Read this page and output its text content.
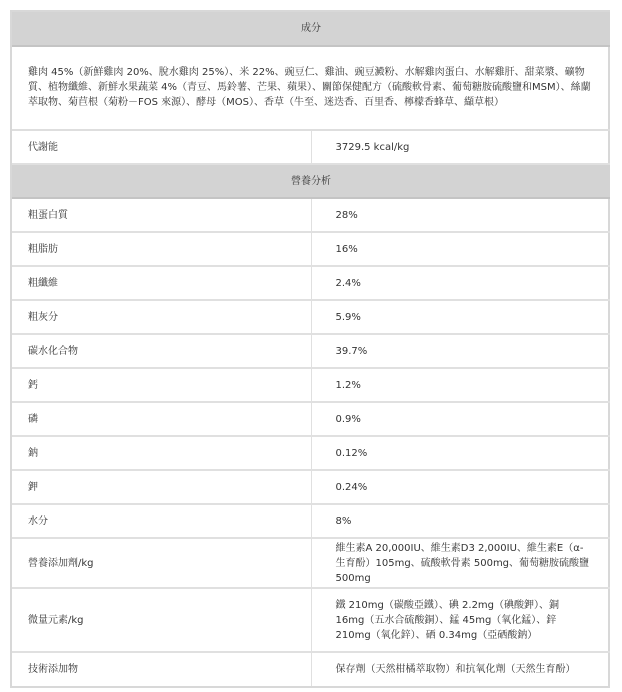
成分	
雞肉 45%（新鮮雞肉 20%、脫水雞肉 25%）、米 22%、豌豆仁、雞油、豌豆澱粉、水解雞肉蛋白、水解雞肝、甜菜漿、礦物質、植物纖維、新鮮水果蔬菜 4%（青豆、馬鈴薯、芒果、蘋果）、關節保健配方（硫酸軟骨素、葡萄糖胺硫酸鹽和MSM）、絲蘭萃取物、菊苣根（菊粉－FOS 來源）、酵母（MOS）、香草（牛至、迷迭香、百里香、檸檬香蜂草、纈草根）	
代謝能	3729.5 kcal/kg
營養分析	
粗蛋白質	28%
粗脂肪	16%
粗纖維	2.4%
粗灰分	5.9%
碳水化合物	39.7%
鈣	1.2%
磷	0.9%
鈉	0.12%
鉀	0.24%
水分	8%
營養添加劑/kg	維生素A 20,000IU、維生素D3 2,000IU、維生素E（α-生育酚）105mg、硫酸軟骨素 500mg、葡萄糖胺硫酸鹽 500mg
微量元素/kg	鐵 210mg（碳酸亞鐵）、碘 2.2mg（碘酸鉀）、銅 16mg（五水合硫酸銅）、錳 45mg（氧化錳）、鋅 210mg（氧化鋅）、硒 0.34mg（亞硒酸鈉）
技術添加物	保存劑（天然柑橘萃取物）和抗氧化劑（天然生育酚）
